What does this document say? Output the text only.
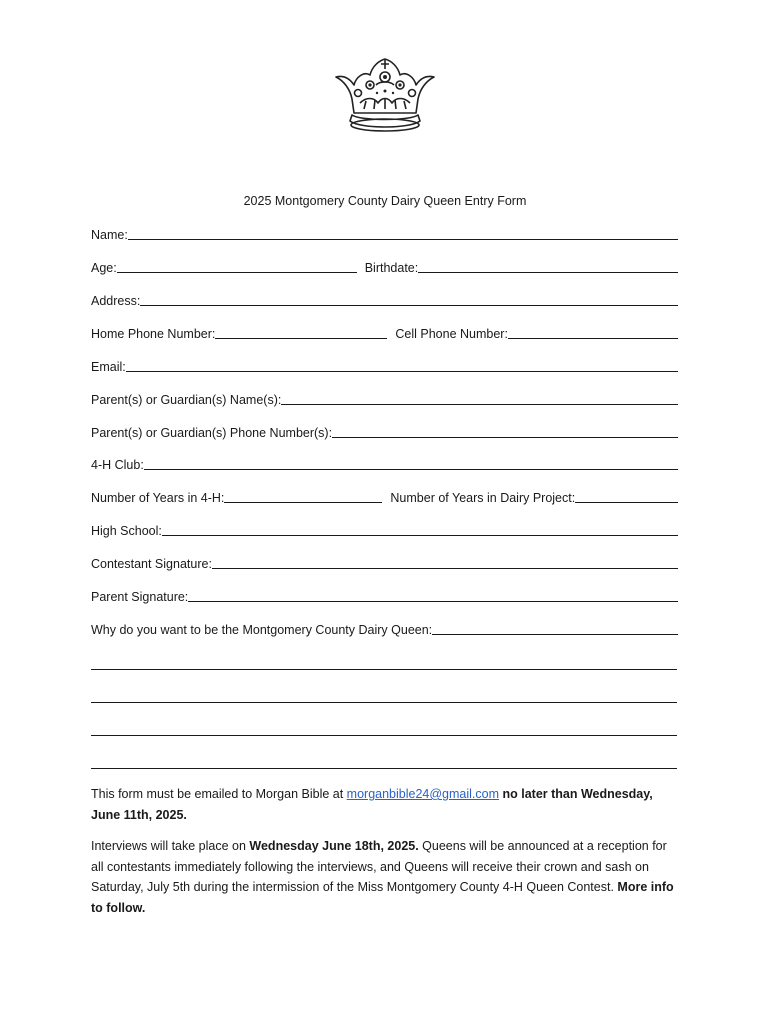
2025 Montgomery County Dairy Queen Entry Form
Name:
Age:	Birthdate:
Address:
Home Phone Number:	Cell Phone Number:
Email:
Parent(s) or Guardian(s) Name(s):
Parent(s) or Guardian(s) Phone Number(s):
4-H Club:
Number of Years in 4-H:	Number of Years in Dairy Project:
High School:
Contestant Signature:
Parent Signature:
Why do you want to be the Montgomery County Dairy Queen:
This form must be emailed to Morgan Bible at morganbible24@gmail.com no later than Wednesday, June 11th, 2025.
Interviews will take place on Wednesday June 18th, 2025. Queens will be announced at a reception for all contestants immediately following the interviews, and Queens will receive their crown and sash on Saturday, July 5th during the intermission of the Miss Montgomery County 4-H Queen Contest. More info to follow.
